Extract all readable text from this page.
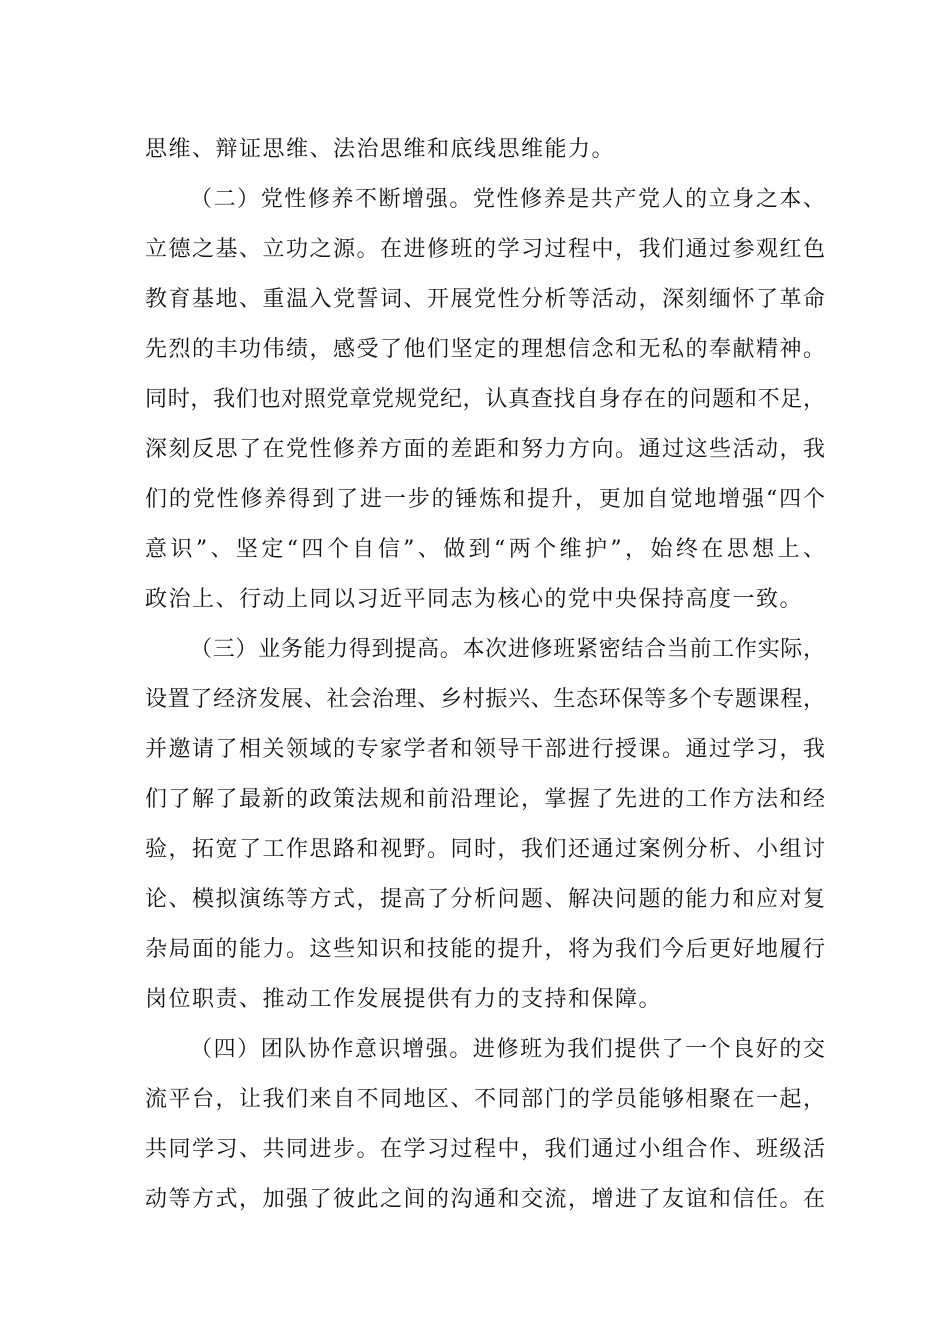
思维、辩证思维、法治思维和底线思维能力。
（二）党性修养不断增强。党性修养是共产党人的立身之本、
立德之基、立功之源。在进修班的学习过程中，我们通过参观红色
教育基地、重温入党誓词、开展党性分析等活动，深刻缅怀了革命
先烈的丰功伟绩，感受了他们坚定的理想信念和无私的奉献精神。
同时，我们也对照党章党规党纪，认真查找自身存在的问题和不足，
深刻反思了在党性修养方面的差距和努力方向。通过这些活动，我
们的党性修养得到了进一步的锤炼和提升，更加自觉地增强“四个
意识”、坚定“四个自信”、做到“两个维护”，始终在思想上、
政治上、行动上同以习近平同志为核心的党中央保持高度一致。
（三）业务能力得到提高。本次进修班紧密结合当前工作实际，
设置了经济发展、社会治理、乡村振兴、生态环保等多个专题课程，
并邀请了相关领域的专家学者和领导干部进行授课。通过学习，我
们了解了最新的政策法规和前沿理论，掌握了先进的工作方法和经
验，拓宽了工作思路和视野。同时，我们还通过案例分析、小组讨
论、模拟演练等方式，提高了分析问题、解决问题的能力和应对复
杂局面的能力。这些知识和技能的提升，将为我们今后更好地履行
岗位职责、推动工作发展提供有力的支持和保障。
（四）团队协作意识增强。进修班为我们提供了一个良好的交
流平台，让我们来自不同地区、不同部门的学员能够相聚在一起，
共同学习、共同进步。在学习过程中，我们通过小组合作、班级活
动等方式，加强了彼此之间的沟通和交流，增进了友谊和信任。在
